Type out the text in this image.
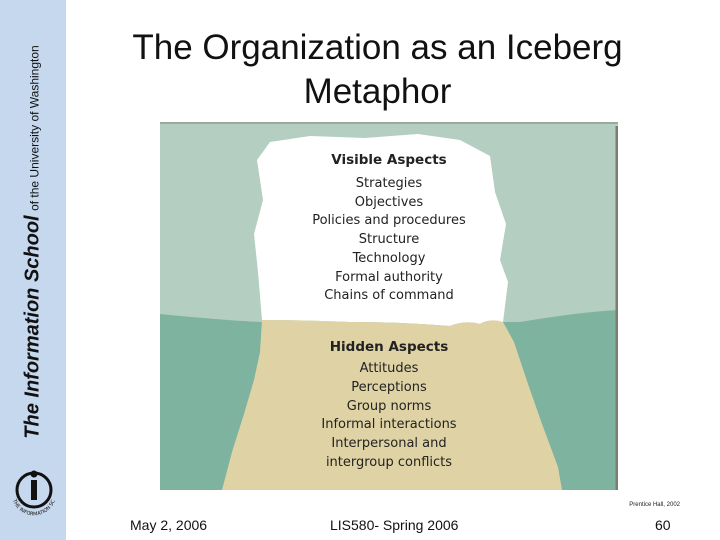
The Information School of the University of Washington
THE INFORMATION SC
The Organization as an Iceberg
Metaphor
Visible Aspects
Strategies
Objectives
Policies and procedures
Structure
Technology
Formal authority
Chains of command
Hidden Aspects
Attitudes
Perceptions
Group norms
Informal interactions
Interpersonal and
intergroup conflicts
Prentice Hall, 2002
May 2, 2006	LIS580- Spring 2006	60
